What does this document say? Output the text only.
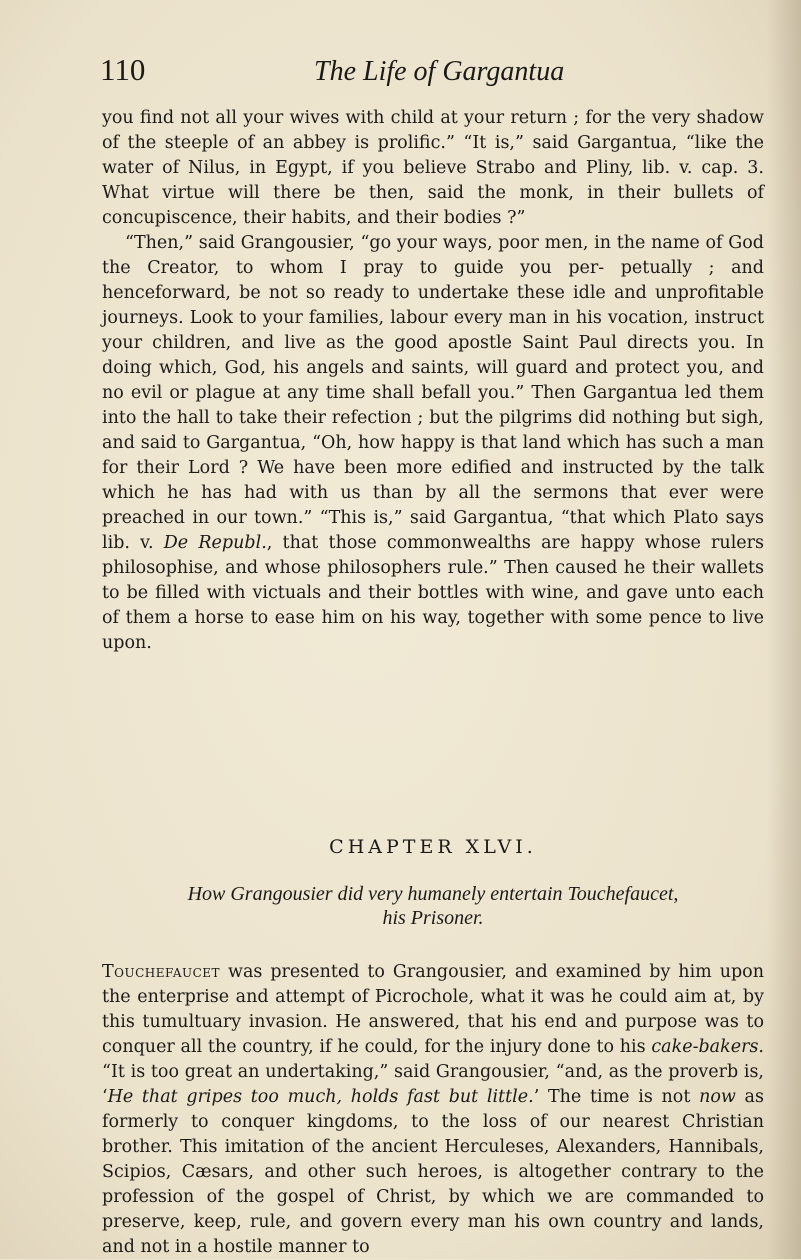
110	The Life of Gargantua

you find not all your wives with child at your return ; for the very shadow of the steeple of an abbey is prolific.” “It is,” said Gargantua, “like the water of Nilus, in Egypt, if you believe Strabo and Pliny, lib. v. cap. 3. What virtue will there be then, said the monk, in their bullets of concupiscence, their habits, and their bodies ?”

“Then,” said Grangousier, “go your ways, poor men, in the name of God the Creator, to whom I pray to guide you per- petually ; and henceforward, be not so ready to undertake these idle and unprofitable journeys. Look to your families, labour every man in his vocation, instruct your children, and live as the good apostle Saint Paul directs you. In doing which, God, his angels and saints, will guard and protect you, and no evil or plague at any time shall befall you.” Then Gargantua led them into the hall to take their refection ; but the pilgrims did nothing but sigh, and said to Gargantua, “Oh, how happy is that land which has such a man for their Lord ? We have been more edified and instructed by the talk which he has had with us than by all the sermons that ever were preached in our town.” “This is,” said Gargantua, “that which Plato says lib. v. De Republ., that those commonwealths are happy whose rulers philosophise, and whose philosophers rule.” Then caused he their wallets to be filled with victuals and their bottles with wine, and gave unto each of them a horse to ease him on his way, together with some pence to live upon.

CHAPTER XLVI.
How Grangousier did very humanely entertain Touchefaucet,
his Prisoner.

Touchefaucet was presented to Grangousier, and examined by him upon the enterprise and attempt of Picrochole, what it was he could aim at, by this tumultuary invasion. He answered, that his end and purpose was to conquer all the country, if he could, for the injury done to his cake-bakers. “It is too great an undertaking,” said Grangousier, “and, as the proverb is, ‘He that gripes too much, holds fast but little.’ The time is not now as formerly to conquer kingdoms, to the loss of our nearest Christian brother. This imitation of the ancient Herculeses, Alexanders, Hannibals, Scipios, Cæsars, and other such heroes, is altogether contrary to the profession of the gospel of Christ, by which we are commanded to preserve, keep, rule, and govern every man his own country and lands, and not in a hostile manner to
